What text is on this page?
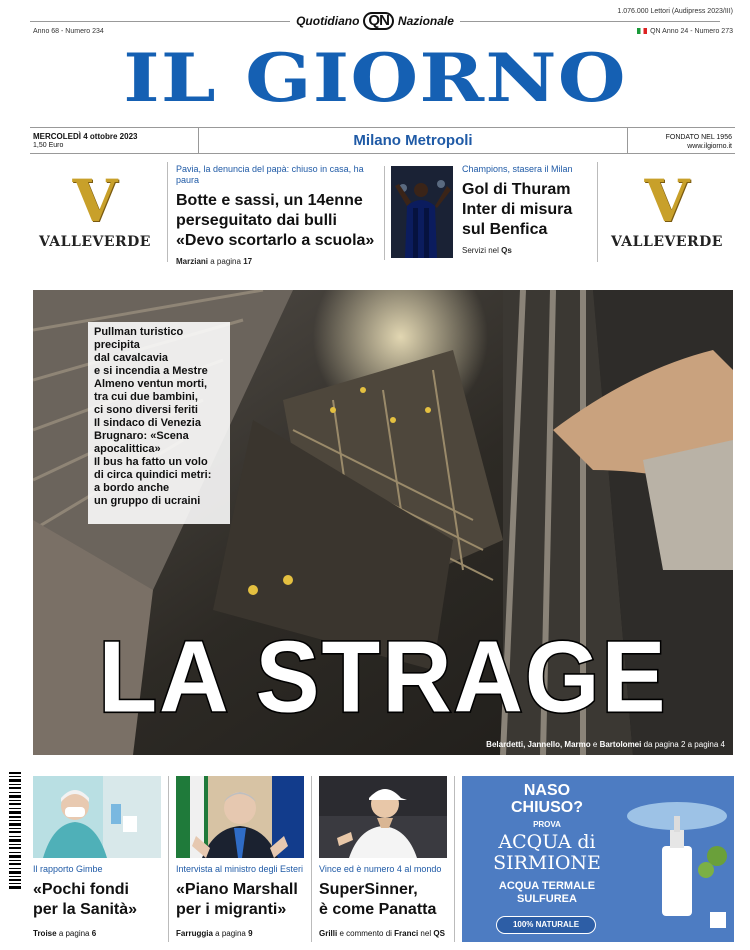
1.076.000 Lettori (Audipress 2023/III)
Anno 68 - Numero 234	QN Anno 24 - Numero 273
Quotidiano QN Nazionale
IL GIORNO
MERCOLEDÌ 4 ottobre 2023
1,50 Euro	Milano Metropoli	FONDATO NEL 1956
www.ilgiorno.it
V
VALLEVERDE
V
VALLEVERDE
Pavia, la denuncia del papà: chiuso in casa, ha paura
Botte e sassi, un 14enne
perseguitato dai bulli
«Devo scortarlo a scuola»
Marziani a pagina 17
Champions, stasera il Milan
Gol di Thuram
Inter di misura
sul Benfica
Servizi nel Qs
Pullman turistico
precipita
dal cavalcavia
e si incendia a Mestre
Almeno ventun morti,
tra cui due bambini,
ci sono diversi feriti
Il sindaco di Venezia
Brugnaro: «Scena
apocalittica»
Il bus ha fatto un volo
di circa quindici metri:
a bordo anche
un gruppo di ucraini
LA STRAGE
Belardetti, Jannello, Marmo e Bartolomei da pagina 2 a pagina 4
Il rapporto Gimbe
«Pochi fondi
per la Sanità»
Troise a pagina 6
Intervista al ministro degli Esteri
«Piano Marshall
per i migranti»
Farruggia a pagina 9
Vince ed è numero 4 al mondo
SuperSinner,
è come Panatta
Grilli e commento di Franci nel QS
NASO
CHIUSO?
PROVA
ACQUA di
SIRMIONE
ACQUA TERMALE
SULFUREA
100% NATURALE
